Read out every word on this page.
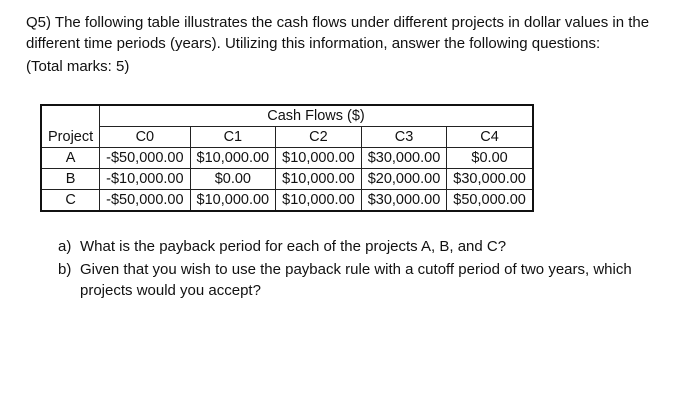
Q5) The following table illustrates the cash flows under different projects in dollar values in the different time periods (years). Utilizing this information, answer the following questions:

(Total marks: 5)

	Cash Flows ($)				
Project	C0	C1	C2	C3	C4
A	-$50,000.00	$10,000.00	$10,000.00	$30,000.00	$0.00
B	-$10,000.00	$0.00	$10,000.00	$20,000.00	$30,000.00
C	-$50,000.00	$10,000.00	$10,000.00	$30,000.00	$50,000.00
a) What is the payback period for each of the projects A, B, and C?
b) Given that you wish to use the payback rule with a cutoff period of two years, which projects would you accept?
